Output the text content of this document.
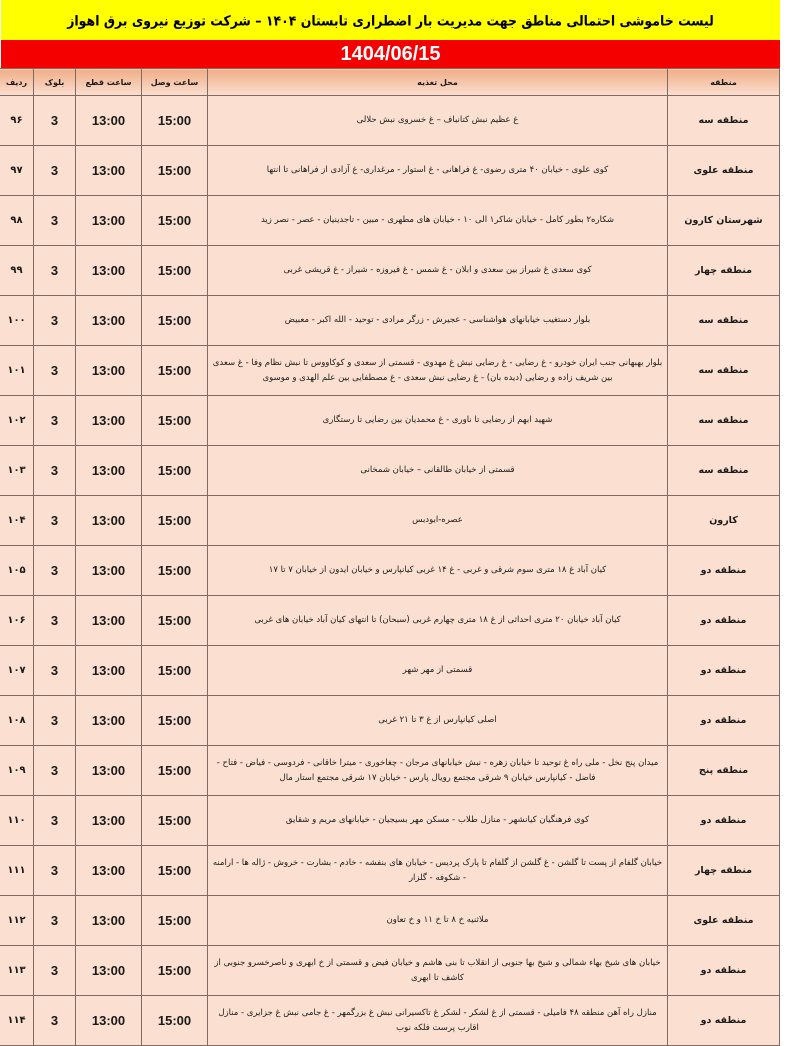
لیست خاموشی احتمالی مناطق جهت مدیریت بار اضطراری تابستان ۱۴۰۴ – شرکت توزیع نیروی برق اهواز
1404/06/15
منطقه	محل تغذیه	ساعت وصل	ساعت قطع	بلوک	ردیف
منطقه سه	غ عظیم نبش کتانباف – غ خسروی نبش حلالی	15:00	13:00	3	۹۶
منطقه علوی	کوی علوی - خیابان ۴۰ متری رضوی- غ فراهانی - غ استوار - مرغداری- غ آزادی از فراهانی تا انتها	15:00	13:00	3	۹۷
شهرستان کارون	شکاره۲ بطور کامل - خیابان شاکر۱ الی ۱۰ - خیابان های مطهری - مبین - تاجدینیان - عصر - نصر زید	15:00	13:00	3	۹۸
منطقه چهار	کوی سعدی غ شیراز بین سعدی و ابلان - غ شمس - غ فیروزه - شیراز - غ قریشی غربی	15:00	13:00	3	۹۹
منطقه سه	بلوار دستغیب خیابانهای هواشناسی - عجیرش - زرگر مرادی - توحید - الله اکبر - معبیض	15:00	13:00	3	۱۰۰
منطقه سه	بلوار بهبهانی جنب ایران خودرو - غ رضایی - غ رضایی نبش غ مهدوی - قسمتی از سعدی و کوکاووس تا نبش نظام وفا - غ سعدی بین شریف زاده و رضایی (دیده بان) - غ رضایی نبش سعدی - غ مصطفایی بین علم الهدی و موسوی	15:00	13:00	3	۱۰۱
منطقه سه	شهید ابهم از رضایی تا ناوری - غ محمدیان بین رضایی تا رستگاری	15:00	13:00	3	۱۰۲
منطقه سه	قسمتی از خیابان طالقانی – خیابان شمخانی	15:00	13:00	3	۱۰۳
کارون	عصره-ابودبس	15:00	13:00	3	۱۰۴
منطقه دو	کیان آباد غ ۱۸ متری سوم شرقی و غربی - غ ۱۴ غربی کیانپارس و خیابان ایدون از خیابان ۷ تا ۱۷	15:00	13:00	3	۱۰۵
منطقه دو	کیان آباد خیابان ۲۰ متری احداثی از غ ۱۸ متری چهارم غربی (سبحان) تا انتهای کیان آباد خیابان های غربی	15:00	13:00	3	۱۰۶
منطقه دو	قسمتی از مهر شهر	15:00	13:00	3	۱۰۷
منطقه دو	اصلی کیانپارس از غ ۳ تا ۲۱ غربی	15:00	13:00	3	۱۰۸
منطقه پنج	میدان پنج نخل - ملی راه غ توحید تا خیابان زهره - نبش خیابانهای مرجان - چغاخوری - میترا خاقانی - فردوسی - فیاض - فتاح - فاضل - کیانپارس خیابان ۹ شرقی مجتمع رویال پارس - خیابان ۱۷ شرقی مجتمع استار مال	15:00	13:00	3	۱۰۹
منطقه دو	کوی فرهنگیان کیانشهر - منازل طلاب - مسکن مهر بسیجیان - خیابانهای مریم و شقایق	15:00	13:00	3	۱۱۰
منطقه چهار	خیابان گلفام از پست تا گلشن - غ گلشن از گلفام تا پارک پردیس - خیابان های بنفشه - خادم - بشارت - خروش - ژاله ها - ارامنه - شکوفه - گلزار	15:00	13:00	3	۱۱۱
منطقه علوی	ملاثنیه خ ۸ تا خ ۱۱ و خ تعاون	15:00	13:00	3	۱۱۲
منطقه دو	خیابان های شیخ بهاء شمالی و شیخ بها جنوبی از انقلاب تا بنی هاشم و خیابان فیض و قسمتی از خ ابهری و ناصرخسرو جنوبی از کاشف تا ابهری	15:00	13:00	3	۱۱۳
منطقه دو	منازل راه آهن منطقه ۴۸ فامیلی - قسمتی از غ لشکر - لشکر غ تاکسیرانی نبش غ بزرگمهر - غ جامی نبش غ جزایری - منازل اقارب پرست فلکه نوب	15:00	13:00	3	۱۱۴
